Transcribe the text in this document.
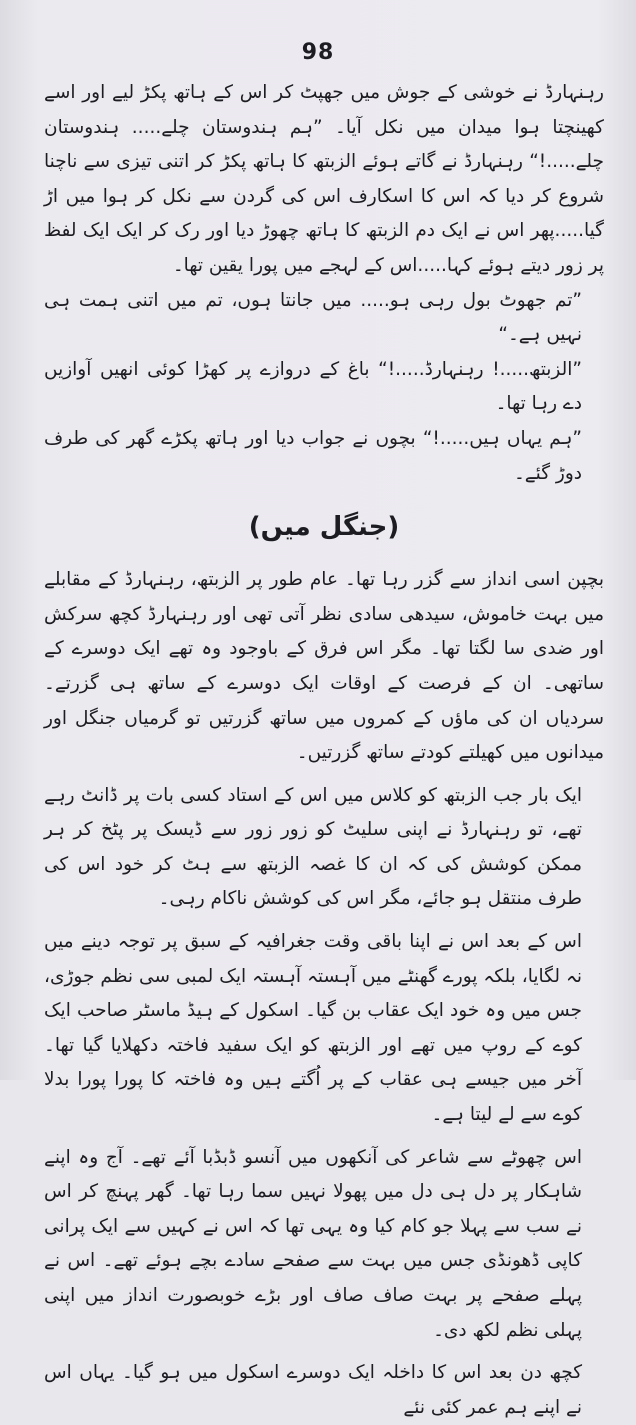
98

رہنہارڈ نے خوشی کے جوش میں جھپٹ کر اس کے ہاتھ پکڑ لیے اور اسے کھینچتا ہوا میدان میں نکل آیا۔ ”ہم ہندوستان چلے..... ہندوستان چلے.....!“ رہنہارڈ نے گاتے ہوئے الزبتھ کا ہاتھ پکڑ کر اتنی تیزی سے ناچنا شروع کر دیا کہ اس کا اسکارف اس کی گردن سے نکل کر ہوا میں اڑ گیا.....پھر اس نے ایک دم الزبتھ کا ہاتھ چھوڑ دیا اور رک کر ایک ایک لفظ پر زور دیتے ہوئے کہا.....اس کے لہجے میں پورا یقین تھا۔

”تم جھوٹ بول رہی ہو..... میں جانتا ہوں، تم میں اتنی ہمت ہی نہیں ہے۔“

”الزبتھ.....! رہنہارڈ.....!“ باغ کے دروازے پر کھڑا کوئی انھیں آوازیں دے رہا تھا۔

”ہم یہاں ہیں.....!“ بچوں نے جواب دیا اور ہاتھ پکڑے گھر کی طرف دوڑ گئے۔

(جنگل میں)

بچپن اسی انداز سے گزر رہا تھا۔ عام طور پر الزبتھ، رہنہارڈ کے مقابلے میں بہت خاموش، سیدھی سادی نظر آتی تھی اور رہنہارڈ کچھ سرکش اور ضدی سا لگتا تھا۔ مگر اس فرق کے باوجود وہ تھے ایک دوسرے کے ساتھی۔ ان کے فرصت کے اوقات ایک دوسرے کے ساتھ ہی گزرتے۔ سردیاں ان کی ماؤں کے کمروں میں ساتھ گزرتیں تو گرمیاں جنگل اور میدانوں میں کھیلتے کودتے ساتھ گزرتیں۔

ایک بار جب الزبتھ کو کلاس میں اس کے استاد کسی بات پر ڈانٹ رہے تھے، تو رہنہارڈ نے اپنی سلیٹ کو زور زور سے ڈیسک پر پٹخ کر ہر ممکن کوشش کی کہ ان کا غصہ الزبتھ سے ہٹ کر خود اس کی طرف منتقل ہو جائے، مگر اس کی کوشش ناکام رہی۔

اس کے بعد اس نے اپنا باقی وقت جغرافیہ کے سبق پر توجہ دینے میں نہ لگایا، بلکہ پورے گھنٹے میں آہستہ آہستہ ایک لمبی سی نظم جوڑی، جس میں وہ خود ایک عقاب بن گیا۔ اسکول کے ہیڈ ماسٹر صاحب ایک کوے کے روپ میں تھے اور الزبتھ کو ایک سفید فاختہ دکھلایا گیا تھا۔ آخر میں جیسے ہی عقاب کے پر اُگتے ہیں وہ فاختہ کا پورا پورا بدلا کوے سے لے لیتا ہے۔

اس چھوٹے سے شاعر کی آنکھوں میں آنسو ڈبڈبا آئے تھے۔ آج وہ اپنے شاہکار پر دل ہی دل میں پھولا نہیں سما رہا تھا۔ گھر پہنچ کر اس نے سب سے پہلا جو کام کیا وہ یہی تھا کہ اس نے کہیں سے ایک پرانی کاپی ڈھونڈی جس میں بہت سے صفحے سادے بچے ہوئے تھے۔ اس نے پہلے صفحے پر بہت صاف صاف اور بڑے خوبصورت انداز میں اپنی پہلی نظم لکھ دی۔

کچھ دن بعد اس کا داخلہ ایک دوسرے اسکول میں ہو گیا۔ یہاں اس نے اپنے ہم عمر کئی نئے
